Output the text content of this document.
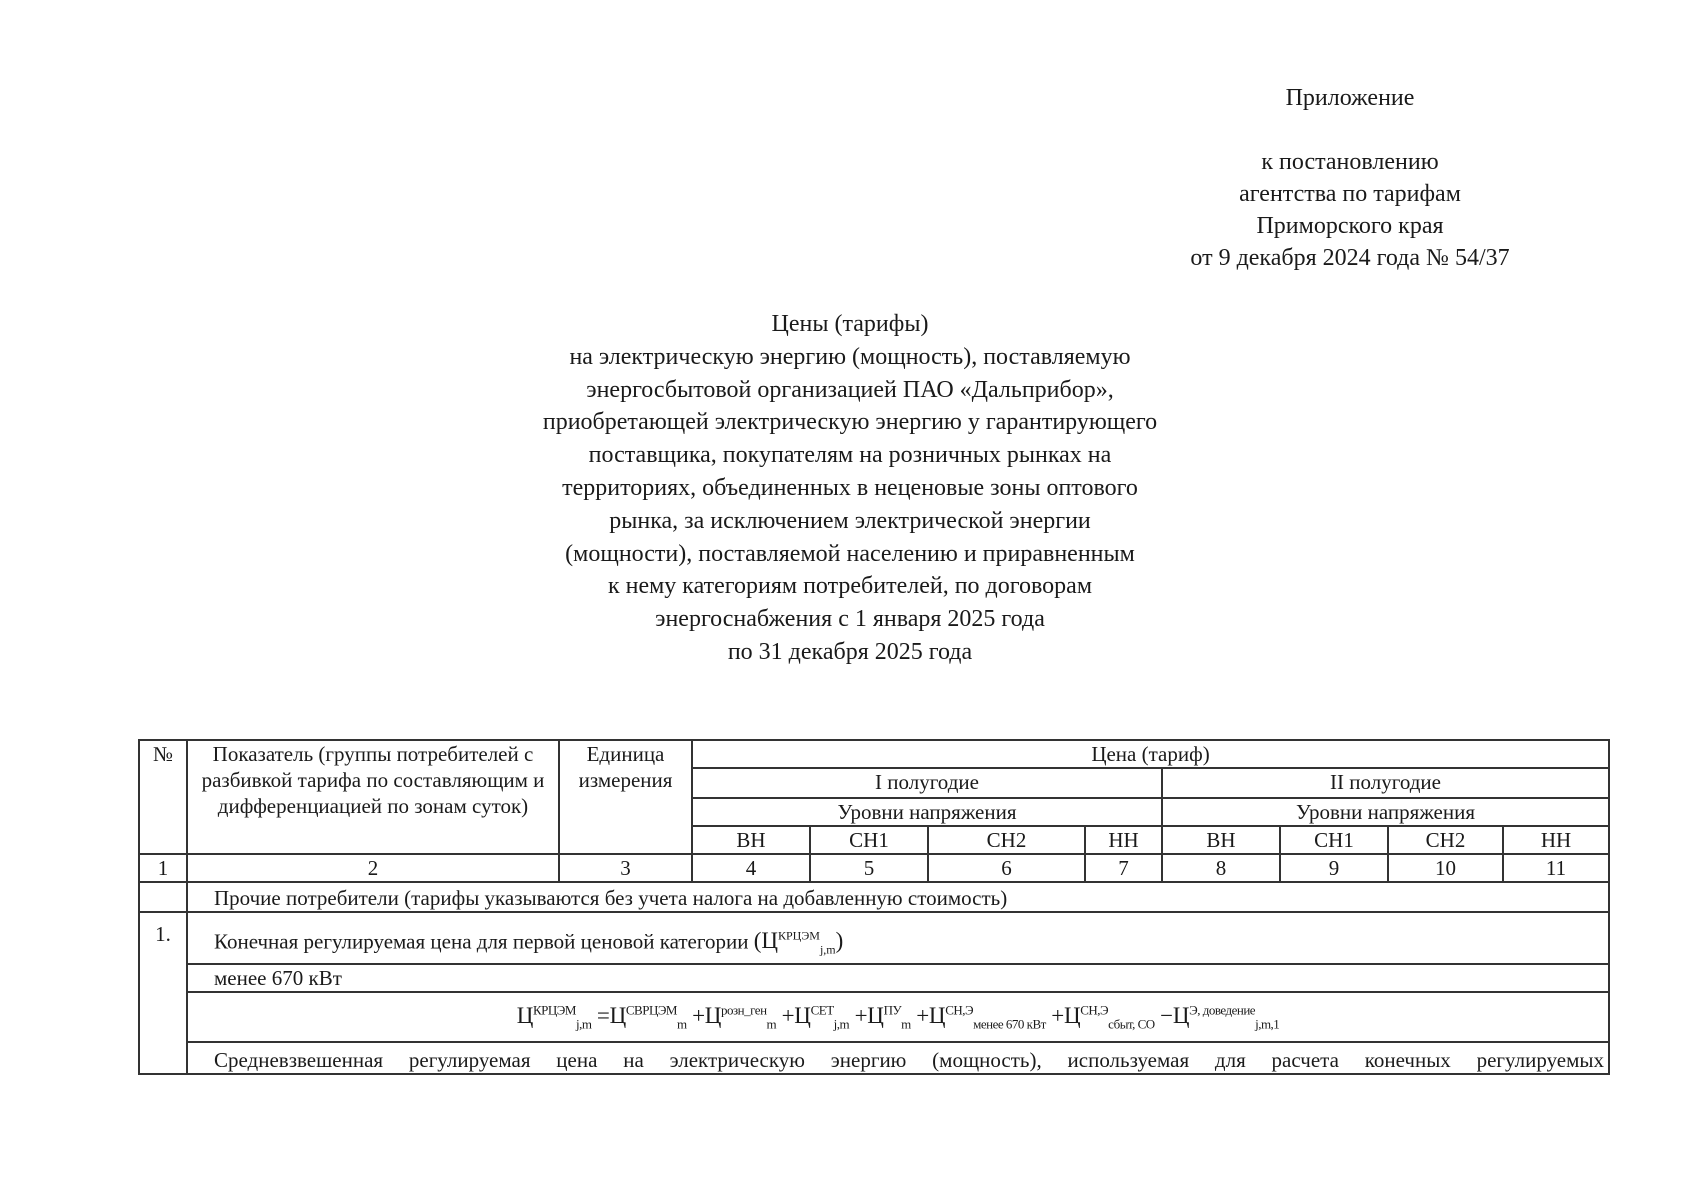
Приложение
к постановлению
агентства по тарифам
Приморского края
от 9 декабря 2024 года № 54/37
Цены (тарифы)
на электрическую энергию (мощность), поставляемую
энергосбытовой организацией ПАО «Дальприбор»,
приобретающей электрическую энергию у гарантирующего
поставщика, покупателям на розничных рынках на
территориях, объединенных в неценовые зоны оптового
рынка, за исключением электрической энергии
(мощности), поставляемой населению и приравненным
к нему категориям потребителей, по договорам
энергоснабжения с 1 января 2025 года
по 31 декабря 2025 года
№	Показатель (группы потребителей с разбивкой тарифа по составляющим и дифференциацией по зонам суток)	Единица измерения	Цена (тариф)							
			I полугодие				II полугодие			
			Уровни напряжения				Уровни напряжения			
			ВН	СН1	СН2	НН	ВН	СН1	СН2	НН
1	2	3	4	5	6	7	8	9	10	11
	Прочие потребители (тарифы указываются без учета налога на добавленную стоимость)									
1.	Конечная регулируемая цена для первой ценовой категории $(Ц^{КРЦЭМ}_{j,m})$									
	менее 670 кВт									
	$Ц^{КРЦЭМ}_{j,m} =Ц^{СВРЦЭМ}_m +Ц^{розн\_ген}_m +Ц^{СЕТ}_{j,m} +Ц^{ПУ}_m +Ц^{СН,Э}_{менее 670 кВт} +Ц^{СН,Э}_{сбыт, СО} -Ц^{Э, доведение}_{j,m,1}$
	Средневзвешенная регулируемая цена на электрическую энергию (мощность), используемая для расчета конечных регулируемых									
